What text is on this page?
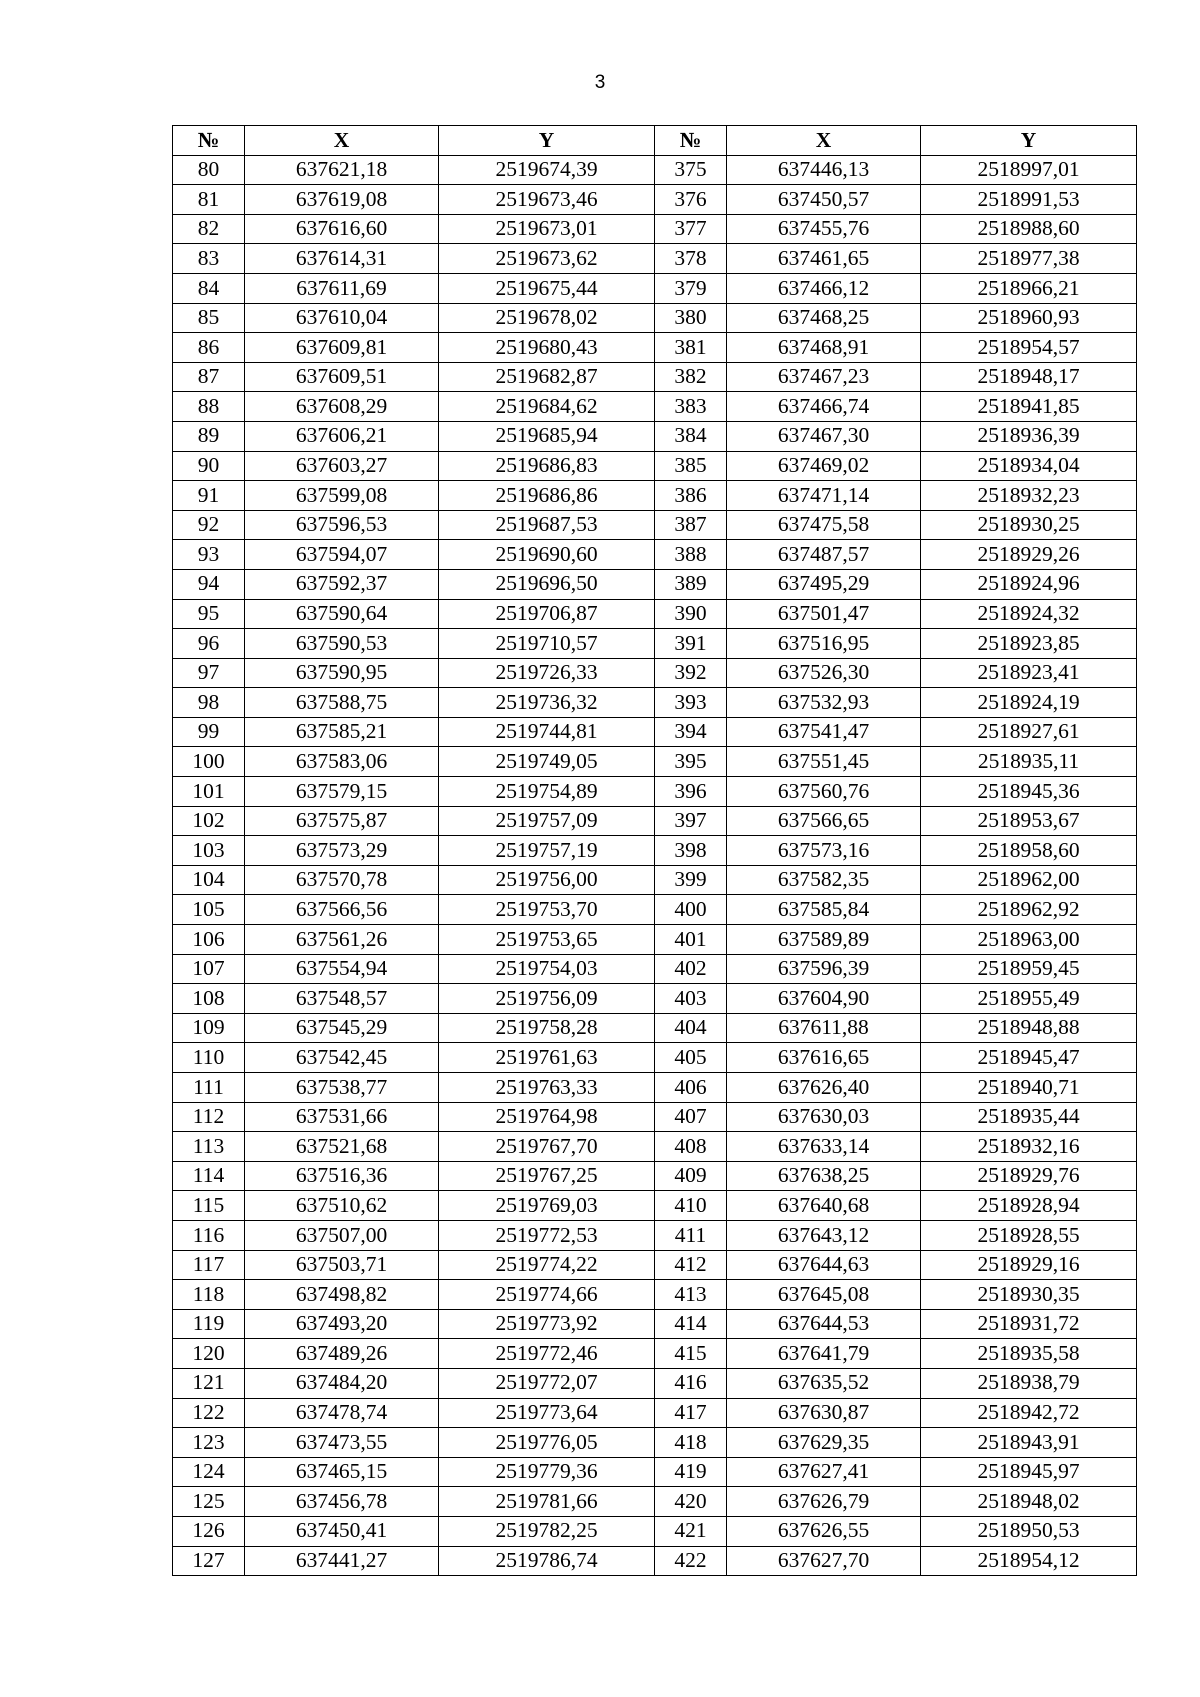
3
№	X	Y	№	X	Y
80	637621,18	2519674,39	375	637446,13	2518997,01
81	637619,08	2519673,46	376	637450,57	2518991,53
82	637616,60	2519673,01	377	637455,76	2518988,60
83	637614,31	2519673,62	378	637461,65	2518977,38
84	637611,69	2519675,44	379	637466,12	2518966,21
85	637610,04	2519678,02	380	637468,25	2518960,93
86	637609,81	2519680,43	381	637468,91	2518954,57
87	637609,51	2519682,87	382	637467,23	2518948,17
88	637608,29	2519684,62	383	637466,74	2518941,85
89	637606,21	2519685,94	384	637467,30	2518936,39
90	637603,27	2519686,83	385	637469,02	2518934,04
91	637599,08	2519686,86	386	637471,14	2518932,23
92	637596,53	2519687,53	387	637475,58	2518930,25
93	637594,07	2519690,60	388	637487,57	2518929,26
94	637592,37	2519696,50	389	637495,29	2518924,96
95	637590,64	2519706,87	390	637501,47	2518924,32
96	637590,53	2519710,57	391	637516,95	2518923,85
97	637590,95	2519726,33	392	637526,30	2518923,41
98	637588,75	2519736,32	393	637532,93	2518924,19
99	637585,21	2519744,81	394	637541,47	2518927,61
100	637583,06	2519749,05	395	637551,45	2518935,11
101	637579,15	2519754,89	396	637560,76	2518945,36
102	637575,87	2519757,09	397	637566,65	2518953,67
103	637573,29	2519757,19	398	637573,16	2518958,60
104	637570,78	2519756,00	399	637582,35	2518962,00
105	637566,56	2519753,70	400	637585,84	2518962,92
106	637561,26	2519753,65	401	637589,89	2518963,00
107	637554,94	2519754,03	402	637596,39	2518959,45
108	637548,57	2519756,09	403	637604,90	2518955,49
109	637545,29	2519758,28	404	637611,88	2518948,88
110	637542,45	2519761,63	405	637616,65	2518945,47
111	637538,77	2519763,33	406	637626,40	2518940,71
112	637531,66	2519764,98	407	637630,03	2518935,44
113	637521,68	2519767,70	408	637633,14	2518932,16
114	637516,36	2519767,25	409	637638,25	2518929,76
115	637510,62	2519769,03	410	637640,68	2518928,94
116	637507,00	2519772,53	411	637643,12	2518928,55
117	637503,71	2519774,22	412	637644,63	2518929,16
118	637498,82	2519774,66	413	637645,08	2518930,35
119	637493,20	2519773,92	414	637644,53	2518931,72
120	637489,26	2519772,46	415	637641,79	2518935,58
121	637484,20	2519772,07	416	637635,52	2518938,79
122	637478,74	2519773,64	417	637630,87	2518942,72
123	637473,55	2519776,05	418	637629,35	2518943,91
124	637465,15	2519779,36	419	637627,41	2518945,97
125	637456,78	2519781,66	420	637626,79	2518948,02
126	637450,41	2519782,25	421	637626,55	2518950,53
127	637441,27	2519786,74	422	637627,70	2518954,12
